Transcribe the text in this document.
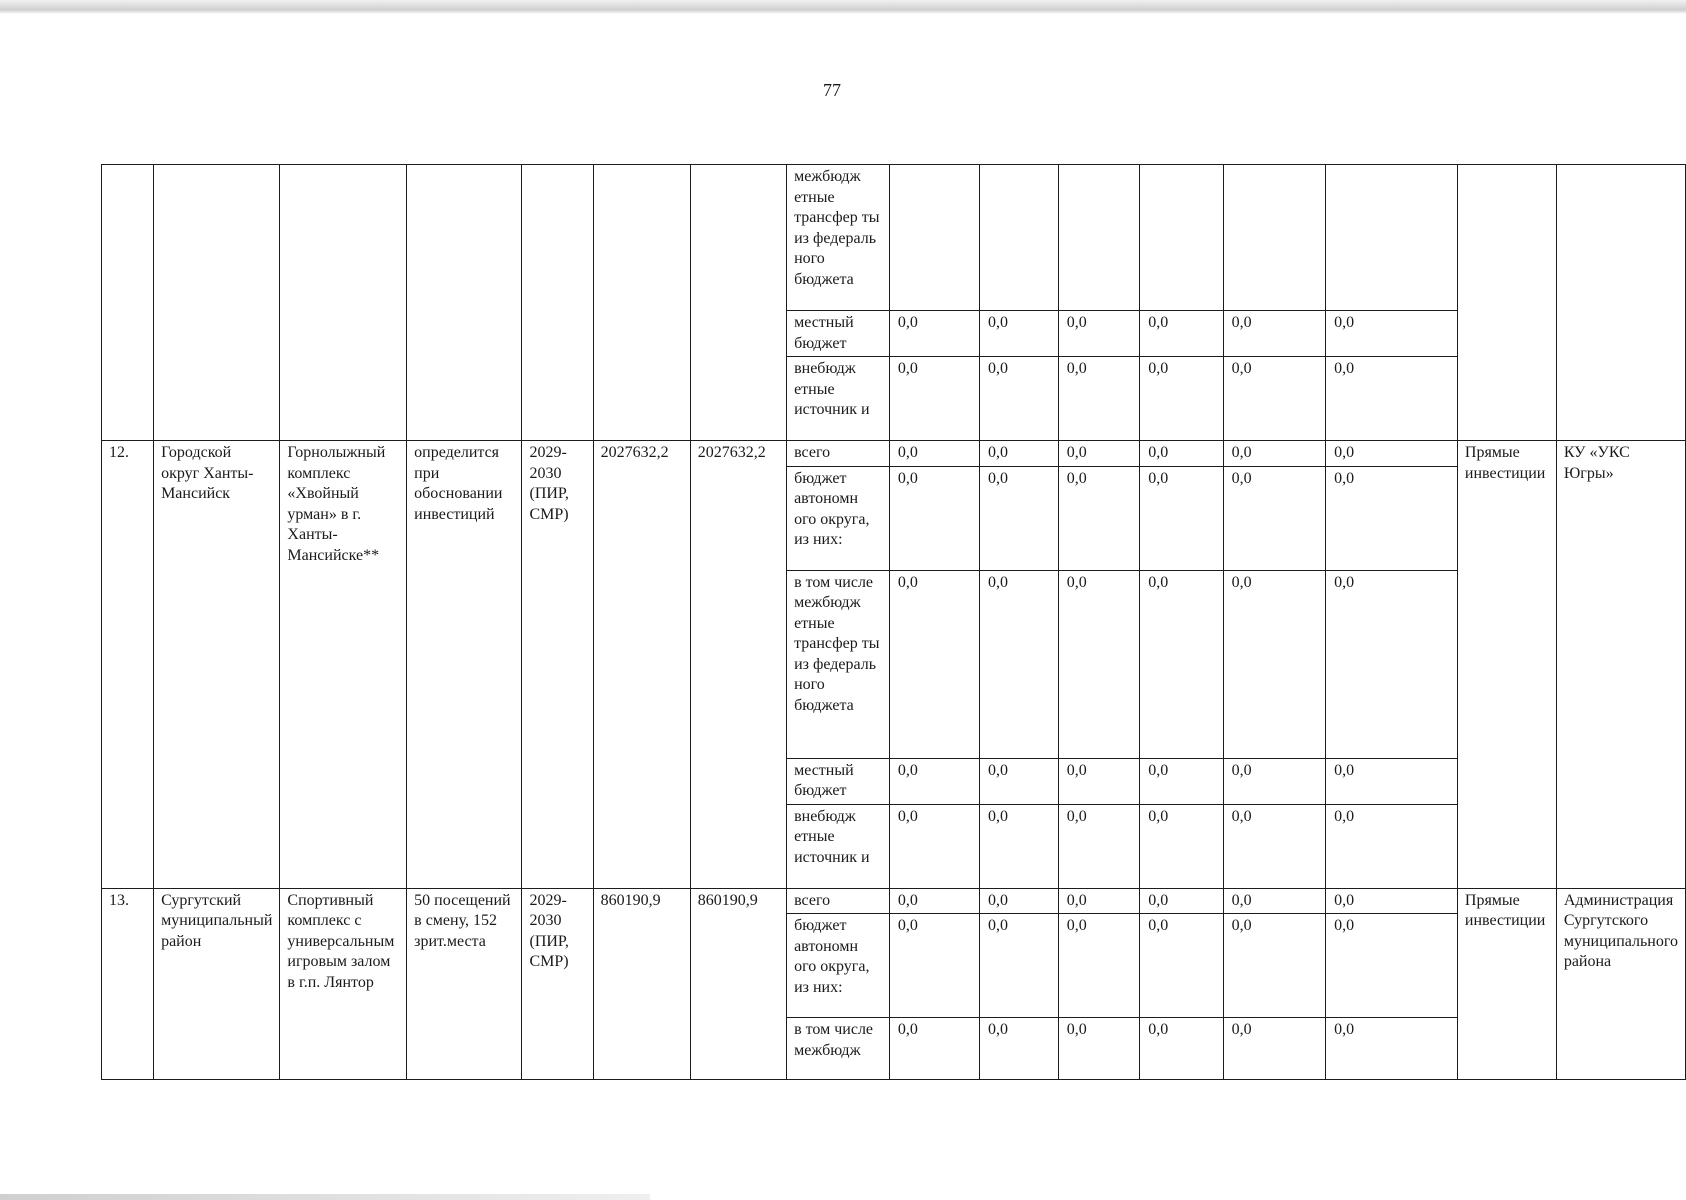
77
							межбюдж етные трансфер ты из федераль ного бюджета								
							местный бюджет	0,0	0,0	0,0	0,0	0,0	0,0		
							внебюдж етные источник и	0,0	0,0	0,0	0,0	0,0	0,0		
12.	Городской округ Ханты-Мансийск	Горнолыжный комплекс «Хвойный урман» в г. Ханты-Мансийске**	определится при обосновании инвестиций	2029-2030 (ПИР, СМР)	2027632,2	2027632,2	всего	0,0	0,0	0,0	0,0	0,0	0,0	Прямые инвестиции	КУ «УКС Югры»
							бюджет автономн ого округа, из них:	0,0	0,0	0,0	0,0	0,0	0,0		
							в том числе межбюдж етные трансфер ты из федераль ного бюджета	0,0	0,0	0,0	0,0	0,0	0,0		
							местный бюджет	0,0	0,0	0,0	0,0	0,0	0,0		
							внебюдж етные источник и	0,0	0,0	0,0	0,0	0,0	0,0		
13.	Сургутский муниципальный район	Спортивный комплекс с универсальным игровым залом в г.п. Лянтор	50 посещений в смену, 152 зрит.места	2029-2030 (ПИР, СМР)	860190,9	860190,9	всего	0,0	0,0	0,0	0,0	0,0	0,0	Прямые инвестиции	Администрация Сургутского муниципального района
							бюджет автономн ого округа, из них:	0,0	0,0	0,0	0,0	0,0	0,0		
							в том числе межбюдж	0,0	0,0	0,0	0,0	0,0	0,0		
